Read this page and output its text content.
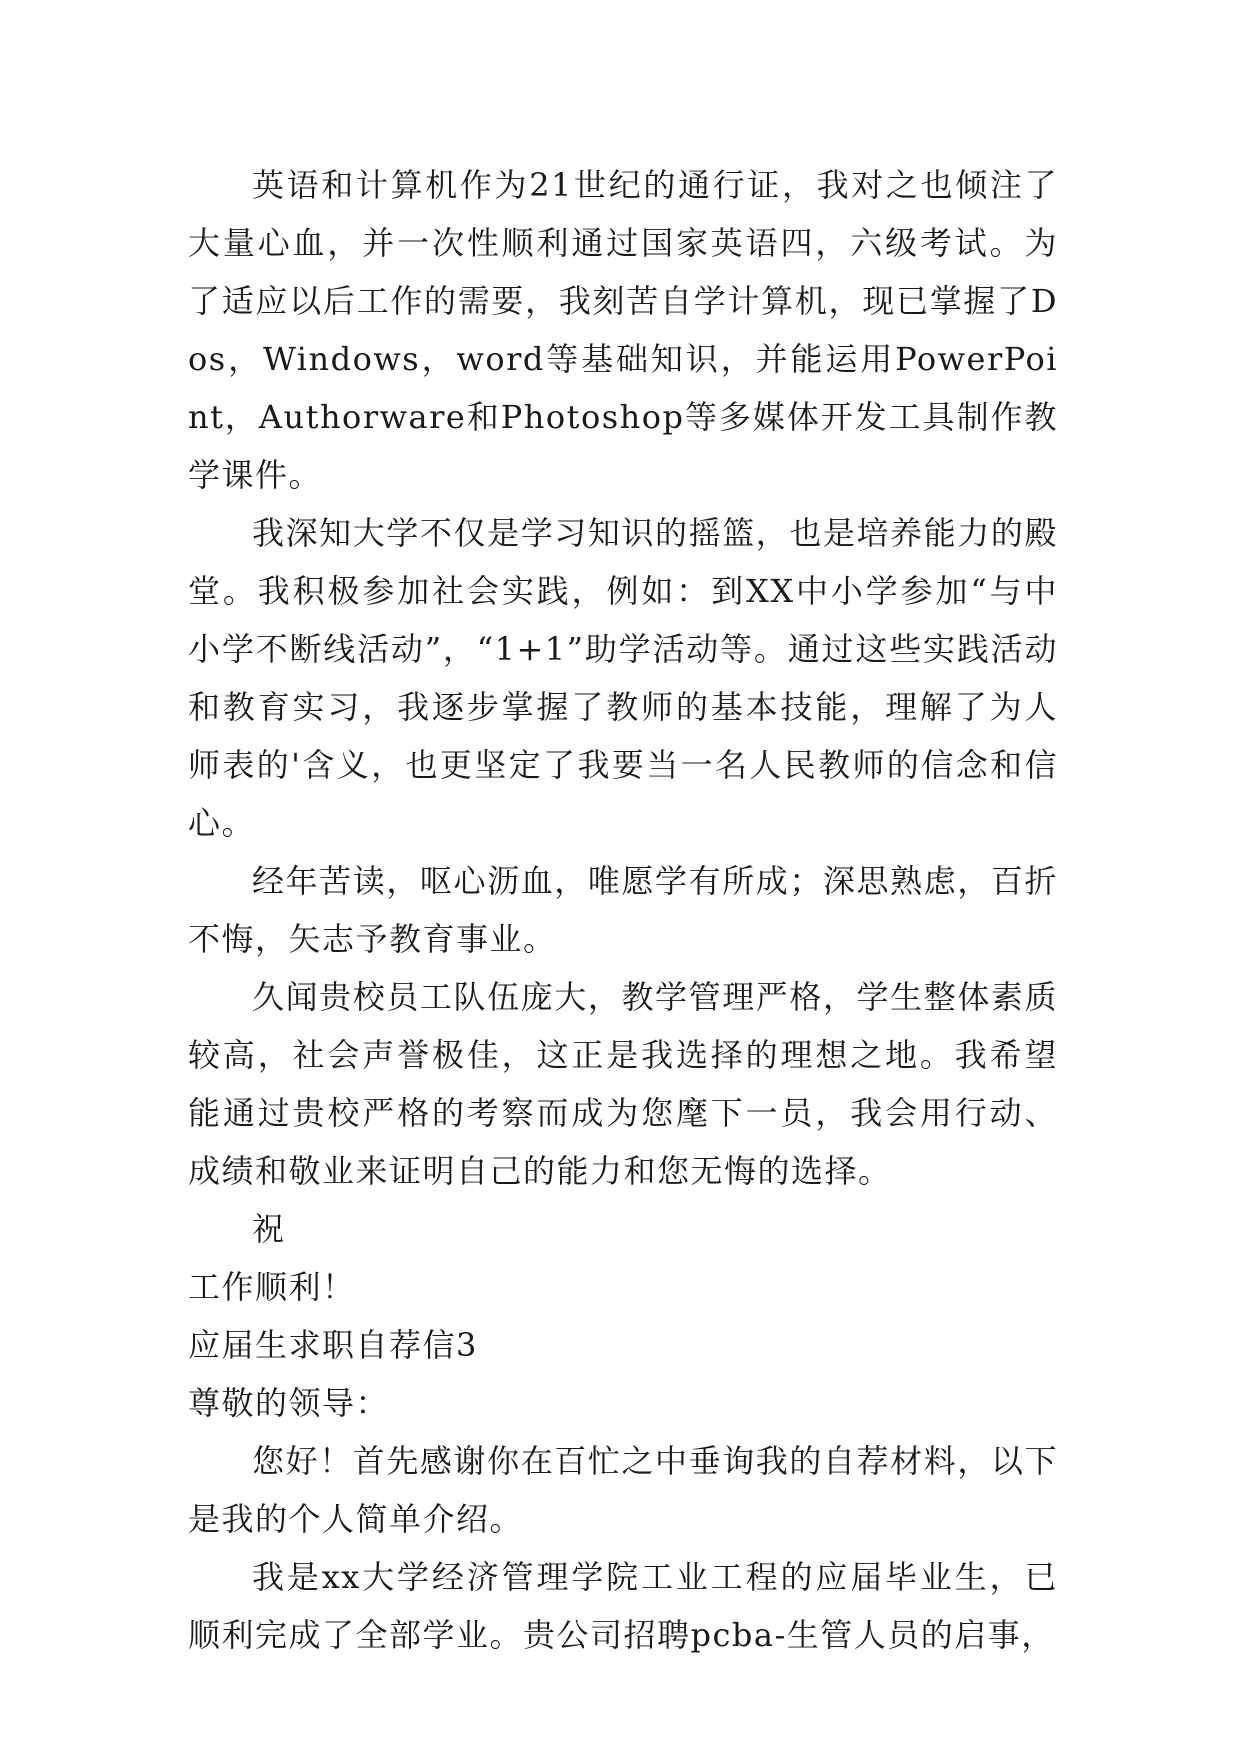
英语和计算机作为21世纪的通行证，我对之也倾注了大量心血，并一次性顺利通过国家英语四，六级考试。为了适应以后工作的需要，我刻苦自学计算机，现已掌握了Dos，Windows，word等基础知识，并能运用PowerPoint，Authorware和Photoshop等多媒体开发工具制作教学课件。

我深知大学不仅是学习知识的摇篮，也是培养能力的殿堂。我积极参加社会实践，例如：到XX中小学参加“与中小学不断线活动”，“1+1”助学活动等。通过这些实践活动和教育实习，我逐步掌握了教师的基本技能，理解了为人师表的'含义，也更坚定了我要当一名人民教师的信念和信心。

经年苦读，呕心沥血，唯愿学有所成；深思熟虑，百折不悔，矢志予教育事业。

久闻贵校员工队伍庞大，教学管理严格，学生整体素质较高，社会声誉极佳，这正是我选择的理想之地。我希望能通过贵校严格的考察而成为您麾下一员，我会用行动、成绩和敬业来证明自己的能力和您无悔的选择。

祝

工作顺利！

应届生求职自荐信3

尊敬的领导：

您好！首先感谢你在百忙之中垂询我的自荐材料，以下是我的个人简单介绍。

我是xx大学经济管理学院工业工程的应届毕业生，已顺利完成了全部学业。贵公司招聘pcba-生管人员的启事，
